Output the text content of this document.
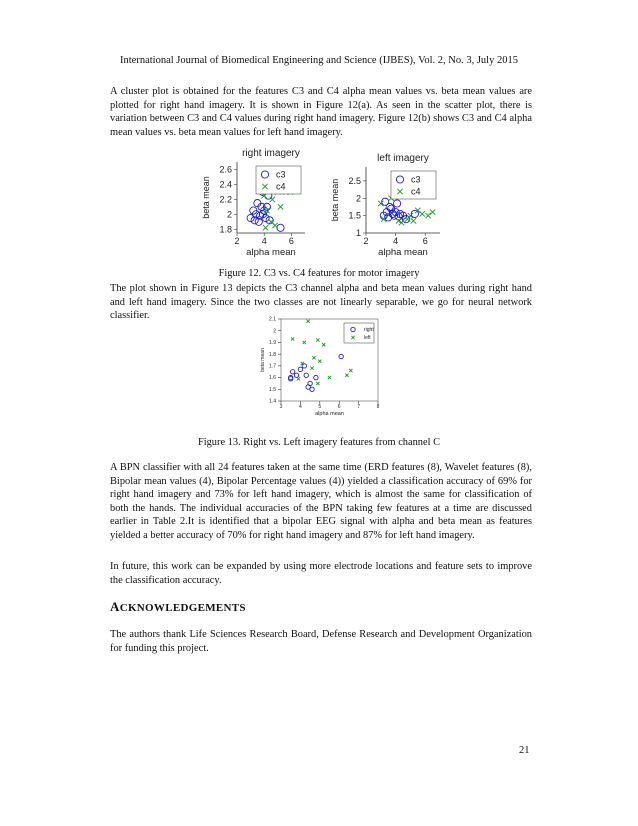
International Journal of Biomedical Engineering and Science (IJBES), Vol. 2, No. 3, July 2015

A cluster plot is obtained for the features C3 and C4 alpha mean values vs. beta mean values are plotted for right hand imagery. It is shown in Figure 12(a). As seen in the scatter plot, there is variation between C3 and C4 values during right hand imagery. Figure 12(b) shows C3 and C4 alpha mean values vs. beta mean values for left hand imagery.

right imagery
2 4 6
1.8
2
2.2
2.4
2.6
alpha mean
beta mean
c3
c4
left imagery
2	4	6
1
1.5
2
2.5
alpha mean
beta mean	c3
c4
Figure 12. C3 vs. C4 features for motor imagery

The plot shown in Figure 13 depicts the C3 channel alpha and beta mean values during right hand and left hand imagery. Since the two classes are not linearly separable, we go for neural network classifier.

3	4	5	6	7	8
1.4
1.5
1.6
1.7
1.8
1.9
2
2.1
alpha mean
beta mean
right
left
Figure 13. Right vs. Left imagery features from channel C

A BPN classifier with all 24 features taken at the same time (ERD features (8), Wavelet features (8), Bipolar mean values (4), Bipolar Percentage values (4)) yielded a classification accuracy of 69% for right hand imagery and 73% for left hand imagery, which is almost the same for classification of both the hands. The individual accuracies of the BPN taking few features at a time are discussed earlier in Table 2.It is identified that a bipolar EEG signal with alpha and beta mean as features yielded a better accuracy of 70% for right hand imagery and 87% for left hand imagery.

In future, this work can be expanded by using more electrode locations and feature sets to improve the classification accuracy.

ACKNOWLEDGEMENTS

The authors thank Life Sciences Research Board, Defense Research and Development Organization for funding this project.

21
